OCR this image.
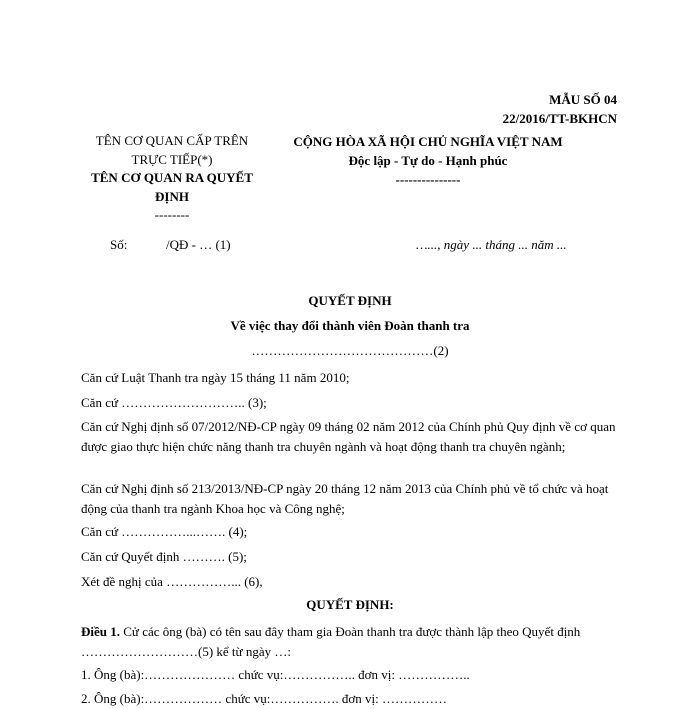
MẪU SỐ 04
22/2016/TT-BKHCN
TÊN CƠ QUAN CẤP TRÊN TRỰC TIẾP(*)
TÊN CƠ QUAN RA QUYẾT ĐỊNH
--------
CỘNG HÒA XÃ HỘI CHỦ NGHĨA VIỆT NAM
Độc lập - Tự do - Hạnh phúc
---------------
Số:	/QĐ - … (1)	…..., ngày ... tháng ... năm ...
QUYẾT ĐỊNH
Về việc thay đổi thành viên Đoàn thanh tra
……………………………………(2)
Căn cứ Luật Thanh tra ngày 15 tháng 11 năm 2010;
Căn cứ ……………………….. (3);
Căn cứ Nghị định số 07/2012/NĐ-CP ngày 09 tháng 02 năm 2012 của Chính phủ Quy định về cơ quan được giao thực hiện chức năng thanh tra chuyên ngành và hoạt động thanh tra chuyên ngành;
Căn cứ Nghị định số 213/2013/NĐ-CP ngày 20 tháng 12 năm 2013 của Chính phủ về tổ chức và hoạt động của thanh tra ngành Khoa học và Công nghệ;
Căn cứ ……………...……. (4);
Căn cứ Quyết định ………. (5);
Xét đề nghị của ……………... (6),
QUYẾT ĐỊNH:
Điều 1. Cử các ông (bà) có tên sau đây tham gia Đoàn thanh tra được thành lập theo Quyết định ………………………(5) kể từ ngày …:
1. Ông (bà):………………… chức vụ:…………….. đơn vị: ……………..
2. Ông (bà):……………… chức vụ:……………. đơn vị: ……………
